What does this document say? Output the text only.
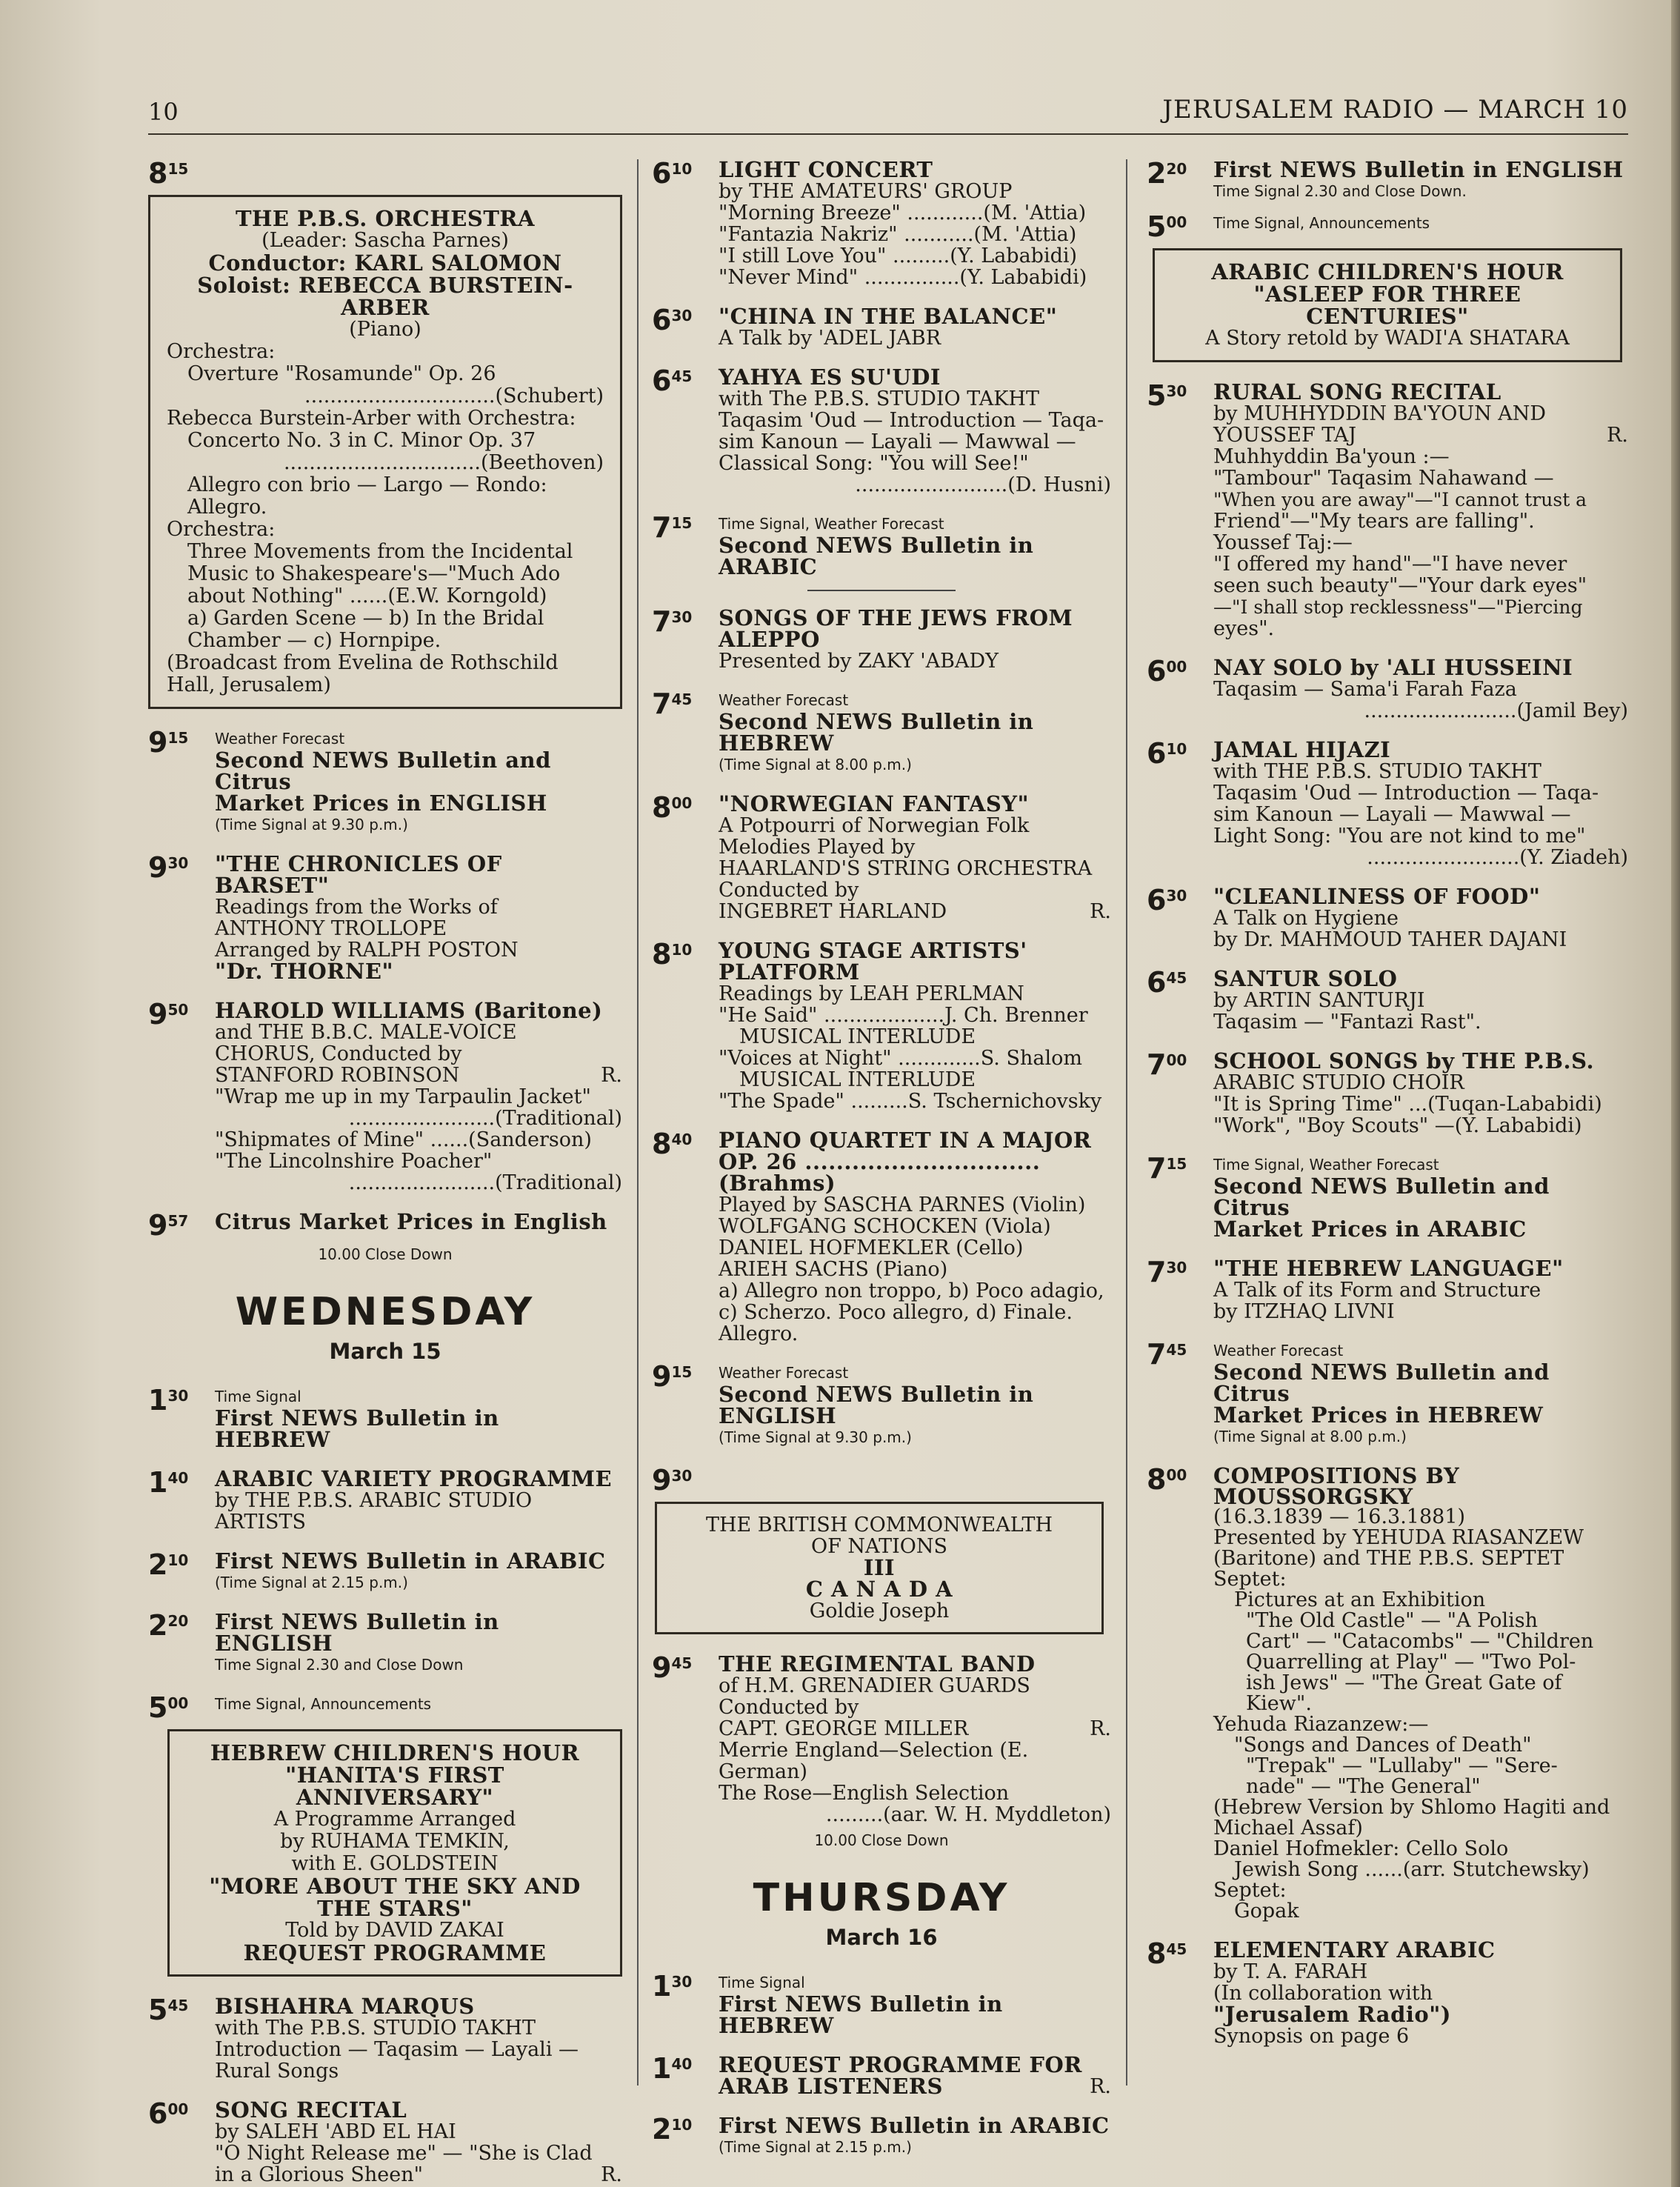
10	JERUSALEM RADIO — MARCH 10
$8^{15}$
THE P.B.S. ORCHESTRA
(Leader: Sascha Parnes)
Conductor: KARL SALOMON
Soloist: REBECCA BURSTEIN-ARBER
(Piano)
Orchestra:
Overture "Rosamunde" Op. 26
..............................(Schubert)
Rebecca Burstein-Arber with Orchestra:
Concerto No. 3 in C. Minor Op. 37
...............................(Beethoven)
Allegro con brio — Largo — Rondo:
Allegro.
Orchestra:
Three Movements from the Incidental
Music to Shakespeare's—"Much Ado
about Nothing" ......(E.W. Korngold)
a) Garden Scene — b) In the Bridal
Chamber — c) Hornpipe.
(Broadcast from Evelina de Rothschild
Hall, Jerusalem)
$9^{15}$	Weather Forecast
Second NEWS Bulletin and Citrus
Market Prices in ENGLISH
(Time Signal at 9.30 p.m.)
$9^{30}$	"THE CHRONICLES OF BARSET"
Readings from the Works of
ANTHONY TROLLOPE
Arranged by RALPH POSTON
"Dr. THORNE"
$9^{50}$	HAROLD WILLIAMS (Baritone)
and THE B.B.C. MALE-VOICE
CHORUS, Conducted by
STANFORD ROBINSON	R.
"Wrap me up in my Tarpaulin Jacket"
.......................(Traditional)
"Shipmates of Mine" ......(Sanderson)
"The Lincolnshire Poacher"
.......................(Traditional)
$9^{57}$	Citrus Market Prices in English
10.00 Close Down
WEDNESDAY
March 15
$1^{30}$	Time Signal
First NEWS Bulletin in HEBREW
$1^{40}$	ARABIC VARIETY PROGRAMME
by THE P.B.S. ARABIC STUDIO
ARTISTS
$2^{10}$	First NEWS Bulletin in ARABIC
(Time Signal at 2.15 p.m.)
$2^{20}$	First NEWS Bulletin in ENGLISH
Time Signal 2.30 and Close Down
$5^{00}$	Time Signal, Announcements
HEBREW CHILDREN'S HOUR
"HANITA'S FIRST ANNIVERSARY"
A Programme Arranged
by RUHAMA TEMKIN,
with E. GOLDSTEIN
"MORE ABOUT THE SKY AND
THE STARS"
Told by DAVID ZAKAI
REQUEST PROGRAMME
$5^{45}$	BISHAHRA MARQUS
with The P.B.S. STUDIO TAKHT
Introduction — Taqasim — Layali —
Rural Songs
$6^{00}$	SONG RECITAL
by SALEH 'ABD EL HAI
"O Night Release me" — "She is Clad
in a Glorious Sheen"	R.
$6^{10}$	LIGHT CONCERT
by THE AMATEURS' GROUP
"Morning Breeze" ............(M. 'Attia)
"Fantazia Nakriz" ...........(M. 'Attia)
"I still Love You" .........(Y. Lababidi)
"Never Mind" ...............(Y. Lababidi)
$6^{30}$	"CHINA IN THE BALANCE"
A Talk by 'ADEL JABR
$6^{45}$	YAHYA ES SU'UDI
with The P.B.S. STUDIO TAKHT
Taqasim 'Oud — Introduction — Taqa-
sim Kanoun — Layali — Mawwal —
Classical Song: "You will See!"
........................(D. Husni)
$7^{15}$	Time Signal, Weather Forecast
Second NEWS Bulletin in ARABIC
$7^{30}$	SONGS OF THE JEWS FROM
ALEPPO
Presented by ZAKY 'ABADY
$7^{45}$	Weather Forecast
Second NEWS Bulletin in HEBREW
(Time Signal at 8.00 p.m.)
$8^{00}$	"NORWEGIAN FANTASY"
A Potpourri of Norwegian Folk
Melodies Played by
HAARLAND'S STRING ORCHESTRA
Conducted by
INGEBRET HARLAND	R.
$8^{10}$	YOUNG STAGE ARTISTS'
PLATFORM
Readings by LEAH PERLMAN
"He Said" ...................J. Ch. Brenner
MUSICAL INTERLUDE
"Voices at Night" .............S. Shalom
MUSICAL INTERLUDE
"The Spade" .........S. Tschernichovsky
$8^{40}$	PIANO QUARTET IN A MAJOR
OP. 26 ..............................(Brahms)
Played by SASCHA PARNES (Violin)
WOLFGANG SCHOCKEN (Viola)
DANIEL HOFMEKLER (Cello)
ARIEH SACHS (Piano)
a) Allegro non troppo, b) Poco adagio,
c) Scherzo. Poco allegro, d) Finale.
Allegro.
$9^{15}$	Weather Forecast
Second NEWS Bulletin in ENGLISH
(Time Signal at 9.30 p.m.)
$9^{30}$
THE BRITISH COMMONWEALTH
OF NATIONS
III
C A N A D A
Goldie Joseph
$9^{45}$	THE REGIMENTAL BAND
of H.M. GRENADIER GUARDS
Conducted by
CAPT. GEORGE MILLER	R.
Merrie England—Selection (E. German)
The Rose—English Selection
.........(aar. W. H. Myddleton)
10.00 Close Down
THURSDAY
March 16
$1^{30}$	Time Signal
First NEWS Bulletin in HEBREW
$1^{40}$	REQUEST PROGRAMME FOR
ARAB LISTENERS	R.
$2^{10}$	First NEWS Bulletin in ARABIC
(Time Signal at 2.15 p.m.)
$2^{20}$	First NEWS Bulletin in ENGLISH
Time Signal 2.30 and Close Down.
$5^{00}$	Time Signal, Announcements
ARABIC CHILDREN'S HOUR
"ASLEEP FOR THREE
CENTURIES"
A Story retold by WADI'A SHATARA
$5^{30}$	RURAL SONG RECITAL
by MUHHYDDIN BA'YOUN AND
YOUSSEF TAJ	R.
Muhhyddin Ba'youn :—
"Tambour" Taqasim Nahawand —
"When you are away"—"I cannot trust a
Friend"—"My tears are falling".
Youssef Taj:—
"I offered my hand"—"I have never
seen such beauty"—"Your dark eyes"
—"I shall stop recklessness"—"Piercing
eyes".
$6^{00}$	NAY SOLO by 'ALI HUSSEINI
Taqasim — Sama'i Farah Faza
........................(Jamil Bey)
$6^{10}$	JAMAL HIJAZI
with THE P.B.S. STUDIO TAKHT
Taqasim 'Oud — Introduction — Taqa-
sim Kanoun — Layali — Mawwal —
Light Song: "You are not kind to me"
........................(Y. Ziadeh)
$6^{30}$	"CLEANLINESS OF FOOD"
A Talk on Hygiene
by Dr. MAHMOUD TAHER DAJANI
$6^{45}$	SANTUR SOLO
by ARTIN SANTURJI
Taqasim — "Fantazi Rast".
$7^{00}$	SCHOOL SONGS by THE P.B.S.
ARABIC STUDIO CHOIR
"It is Spring Time" ...(Tuqan-Lababidi)
"Work", "Boy Scouts" —(Y. Lababidi)
$7^{15}$	Time Signal, Weather Forecast
Second NEWS Bulletin and Citrus
Market Prices in ARABIC
$7^{30}$	"THE HEBREW LANGUAGE"
A Talk of its Form and Structure
by ITZHAQ LIVNI
$7^{45}$	Weather Forecast
Second NEWS Bulletin and Citrus
Market Prices in HEBREW
(Time Signal at 8.00 p.m.)
$8^{00}$	COMPOSITIONS BY
MOUSSORGSKY
(16.3.1839 — 16.3.1881)
Presented by YEHUDA RIASANZEW
(Baritone) and THE P.B.S. SEPTET
Septet:
Pictures at an Exhibition
"The Old Castle" — "A Polish
Cart" — "Catacombs" — "Children
Quarrelling at Play" — "Two Pol-
ish Jews" — "The Great Gate of
Kiew".
Yehuda Riazanzew:—
"Songs and Dances of Death"
"Trepak" — "Lullaby" — "Sere-
nade" — "The General"
(Hebrew Version by Shlomo Hagiti and
Michael Assaf)
Daniel Hofmekler: Cello Solo
Jewish Song ......(arr. Stutchewsky)
Septet:
Gopak
$8^{45}$	ELEMENTARY ARABIC
by T. A. FARAH
(In collaboration with
"Jerusalem Radio")
Synopsis on page 6
